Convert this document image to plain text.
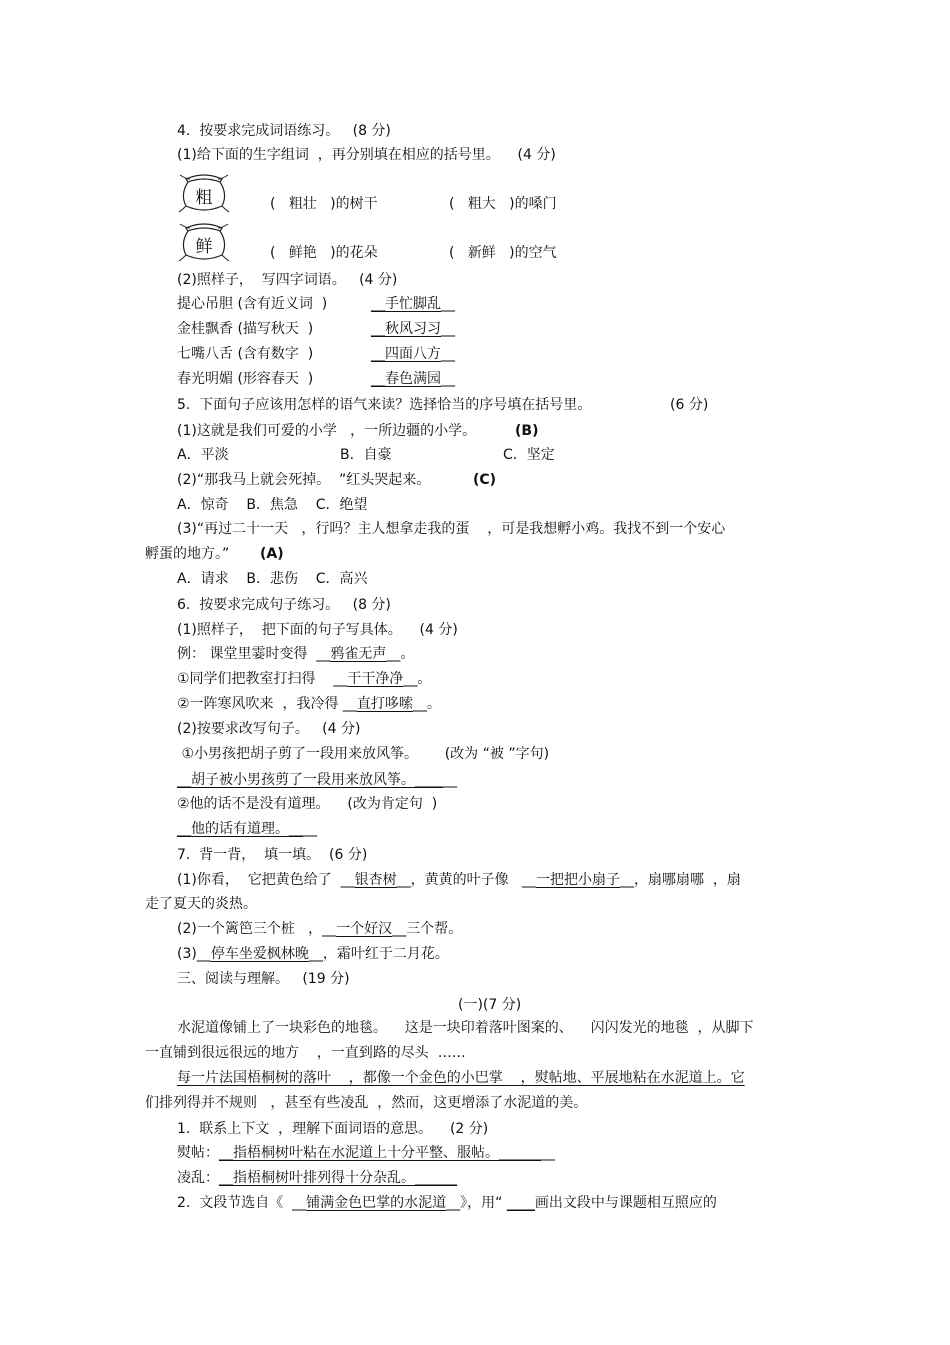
4.  按要求完成词语练习。   (8 分)
(1)给下面的生字组词  ，再分别填在相应的括号里。    (4 分)
粗	(   粗壮   )的树干	(   粗大   )的嗓门
鲜	(   鲜艳   )的花朵	(   新鲜   )的空气
(2)照样子，  写四字词语。   (4 分)
提心吊胆 (含有近义词  )	__手忙脚乱__
金桂飘香 (描写秋天  )	__秋风习习__
七嘴八舌 (含有数字  )	__四面八方__
春光明媚 (形容春天  )	__春色满园__
5.  下面句子应该用怎样的语气来读？选择恰当的序号填在括号里。	(6 分)
(1)这就是我们可爱的小学   ，一所边疆的小学。	(B)
A．平淡	B．自豪	C．坚定
(2)“那我马上就会死掉。  ”红头哭起来。	(C)
A．惊奇    B．焦急    C．绝望
(3)“再过二十一天   ，行吗？主人想拿走我的蛋    ，可是我想孵小鸡。我找不到一个安心
孵蛋的地方。” (A)
A．请求    B．悲伤    C．高兴
6.  按要求完成句子练习。   (8 分)
(1)照样子，  把下面的句子写具体。    (4 分)
例： 课堂里霎时变得  __鸦雀无声__。
①同学们把教室打扫得    __干干净净__。
②一阵寒风吹来  ，我冷得 __直打哆嗦__。
(2)按要求改写句子。   (4 分)
①小男孩把胡子剪了一段用来放风筝。      (改为 “被 ”字句)
__胡子被小男孩剪了一段用来放风筝。______
②他的话不是没有道理。    (改为肯定句  )
__他的话有道理。____
7.  背一背，  填一填。  (6 分)
(1)你看，  它把黄色给了  __银杏树__，黄黄的叶子像   __一把把小扇子__，扇哪扇哪  ，扇
走了夏天的炎热。
(2)一个篱笆三个桩   ，__一个好汉__三个帮。
(3)__停车坐爱枫林晚__，霜叶红于二月花。
三、阅读与理解。   (19 分)
(一)(7 分)
水泥道像铺上了一块彩色的地毯。    这是一块印着落叶图案的、    闪闪发光的地毯  ，从脚下
一直铺到很远很远的地方    ，一直到路的尽头  ……
每一片法国梧桐树的落叶    ，都像一个金色的小巴掌    ，熨帖地、平展地粘在水泥道上。它
们排列得并不规则   ，甚至有些凌乱  ，然而，这更增添了水泥道的美。
1.  联系上下文  ，理解下面词语的意思。    (2 分)
熨帖：__指梧桐树叶粘在水泥道上十分平整、服帖。________
凌乱：__指梧桐树叶排列得十分杂乱。______
2.  文段节选自《  __铺满金色巴掌的水泥道__》，用“ ____画出文段中与课题相互照应的
